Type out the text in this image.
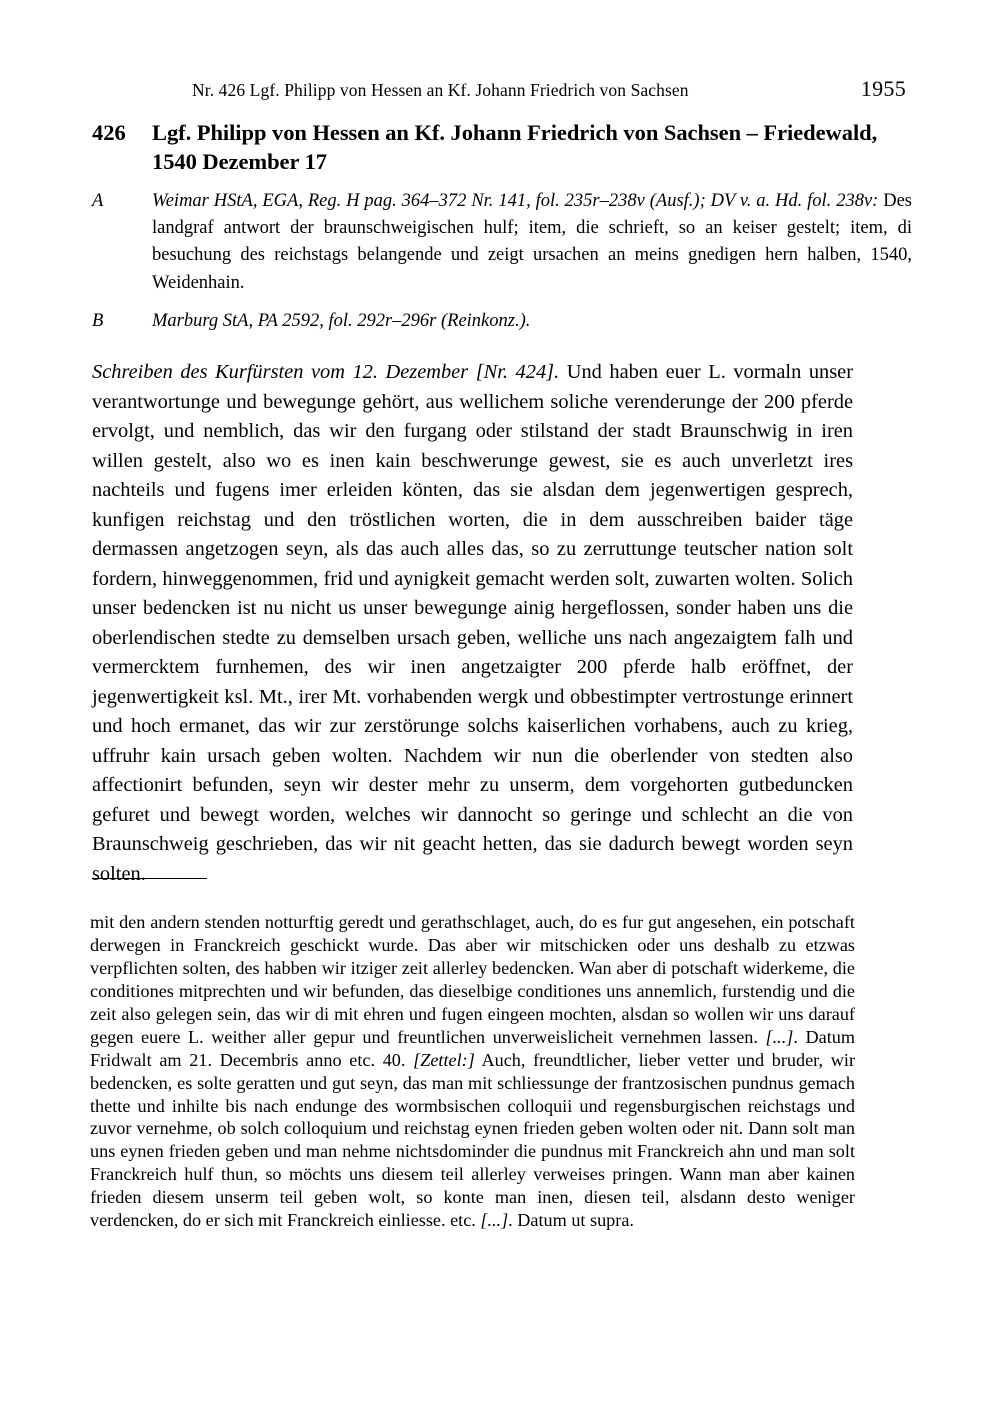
Nr. 426 Lgf. Philipp von Hessen an Kf. Johann Friedrich von Sachsen	1955
426	Lgf. Philipp von Hessen an Kf. Johann Friedrich von Sachsen – Friedewald, 1540 Dezember 17
A	Weimar HStA, EGA, Reg. H pag. 364–372 Nr. 141, fol. 235r–238v (Ausf.); DV v. a. Hd. fol. 238v: Des landgraf antwort der braunschweigischen hulf; item, die schrieft, so an keiser gestelt; item, di besuchung des reichstags belangende und zeigt ursachen an meins gnedigen hern halben, 1540, Weidenhain.
B	Marburg StA, PA 2592, fol. 292r–296r (Reinkonz.).

Schreiben des Kurfürsten vom 12. Dezember [Nr. 424]. Und haben euer L. vormaln unser verantwortunge und bewegunge gehört, aus wellichem soliche verenderunge der 200 pferde ervolgt, und nemblich, das wir den furgang oder stilstand der stadt Braunschwig in iren willen gestelt, also wo es inen kain beschwerunge gewest, sie es auch unverletzt ires nachteils und fugens imer erleiden könten, das sie alsdan dem jegenwertigen gesprech, kunfigen reichstag und den tröstlichen worten, die in dem ausschreiben baider täge dermassen angetzogen seyn, als das auch alles das, so zu zerruttunge teutscher nation solt fordern, hinweggenommen, frid und aynigkeit gemacht werden solt, zuwarten wolten. Solich unser bedencken ist nu nicht us unser bewegunge ainig hergeflossen, sonder haben uns die oberlendischen stedte zu demselben ursach geben, welliche uns nach angezaigtem falh und vermercktem furnhemen, des wir inen angetzaigter 200 pferde halb eröffnet, der jegenwertigkeit ksl. Mt., irer Mt. vorhabenden wergk und obbestimpter vertrostunge erinnert und hoch ermanet, das wir zur zerstörunge solchs kaiserlichen vorhabens, auch zu krieg, uffruhr kain ursach geben wolten. Nachdem wir nun die oberlender von stedten also affectionirt befunden, seyn wir dester mehr zu unserm, dem vorgehorten gutbeduncken gefuret und bewegt worden, welches wir dannocht so geringe und schlecht an die von Braunschweig geschrieben, das wir nit geacht hetten, das sie dadurch bewegt worden seyn solten.

mit den andern stenden notturftig geredt und gerathschlaget, auch, do es fur gut angesehen, ein potschaft derwegen in Franckreich geschickt wurde. Das aber wir mitschicken oder uns deshalb zu etzwas verpflichten solten, des habben wir itziger zeit allerley bedencken. Wan aber di potschaft widerkeme, die conditiones mitprechten und wir befunden, das dieselbige conditiones uns annemlich, furstendig und die zeit also gelegen sein, das wir di mit ehren und fugen eingeen mochten, alsdan so wollen wir uns darauf gegen euere L. weither aller gepur und freuntlichen unverweislicheit vernehmen lassen. [...]. Datum Fridwalt am 21. Decembris anno etc. 40. [Zettel:] Auch, freundtlicher, lieber vetter und bruder, wir bedencken, es solte geratten und gut seyn, das man mit schliessunge der frantzosischen pundnus gemach thette und inhilte bis nach endunge des wormbsischen colloquii und regensburgischen reichstags und zuvor vernehme, ob solch colloquium und reichstag eynen frieden geben wolten oder nit. Dann solt man uns eynen frieden geben und man nehme nichtsdominder die pundnus mit Franckreich ahn und man solt Franckreich hulf thun, so möchts uns diesem teil allerley verweises pringen. Wann man aber kainen frieden diesem unserm teil geben wolt, so konte man inen, diesen teil, alsdann desto weniger verdencken, do er sich mit Franckreich einliesse. etc. [...]. Datum ut supra.
